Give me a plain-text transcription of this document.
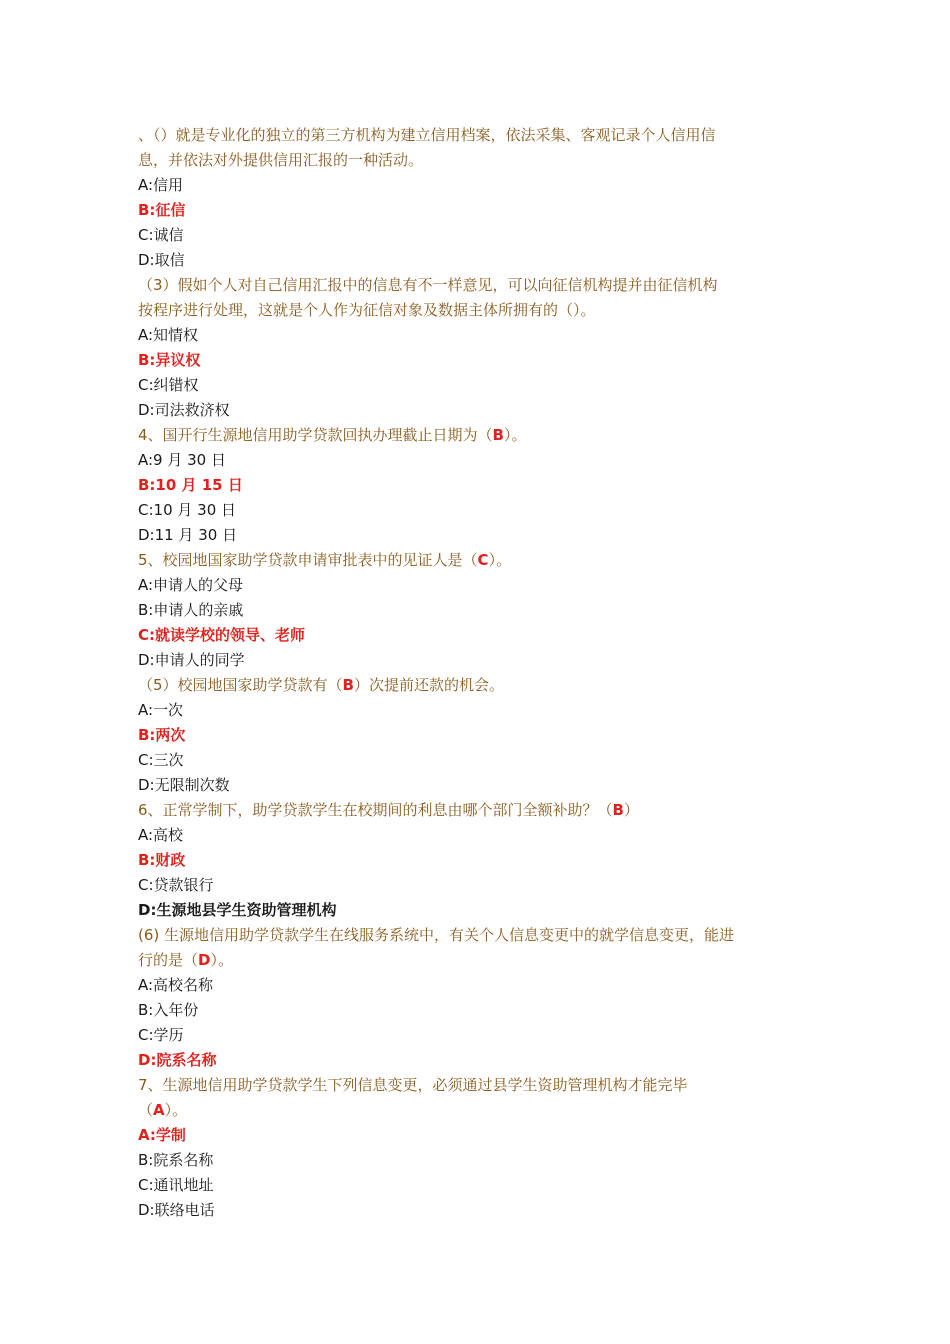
、（）就是专业化的独立的第三方机构为建立信用档案，依法采集、客观记录个人信用信
息，并依法对外提供信用汇报的一种活动。
A:信用
B:征信
C:诚信
D:取信
（3）假如个人对自己信用汇报中的信息有不一样意见，可以向征信机构提并由征信机构
按程序进行处理，这就是个人作为征信对象及数据主体所拥有的（）。
A:知情权
B:异议权
C:纠错权
D:司法救济权
4、国开行生源地信用助学贷款回执办理截止日期为（B）。
A:9 月 30 日
B:10 月 15 日
C:10 月 30 日
D:11 月 30 日
5、校园地国家助学贷款申请审批表中的见证人是（C）。
A:申请人的父母
B:申请人的亲戚
C:就读学校的领导、老师
D:申请人的同学
（5）校园地国家助学贷款有（B）次提前还款的机会。
A:一次
B:两次
C:三次
D:无限制次数
6、正常学制下，助学贷款学生在校期间的利息由哪个部门全额补助？（B）
A:高校
B:财政
C:贷款银行
D:生源地县学生资助管理机构
(6) 生源地信用助学贷款学生在线服务系统中，有关个人信息变更中的就学信息变更，能进
行的是（D）。
A:高校名称
B:入年份
C:学历
D:院系名称
7、生源地信用助学贷款学生下列信息变更，必须通过县学生资助管理机构才能完毕
（A）。
A:学制
B:院系名称
C:通讯地址
D:联络电话
